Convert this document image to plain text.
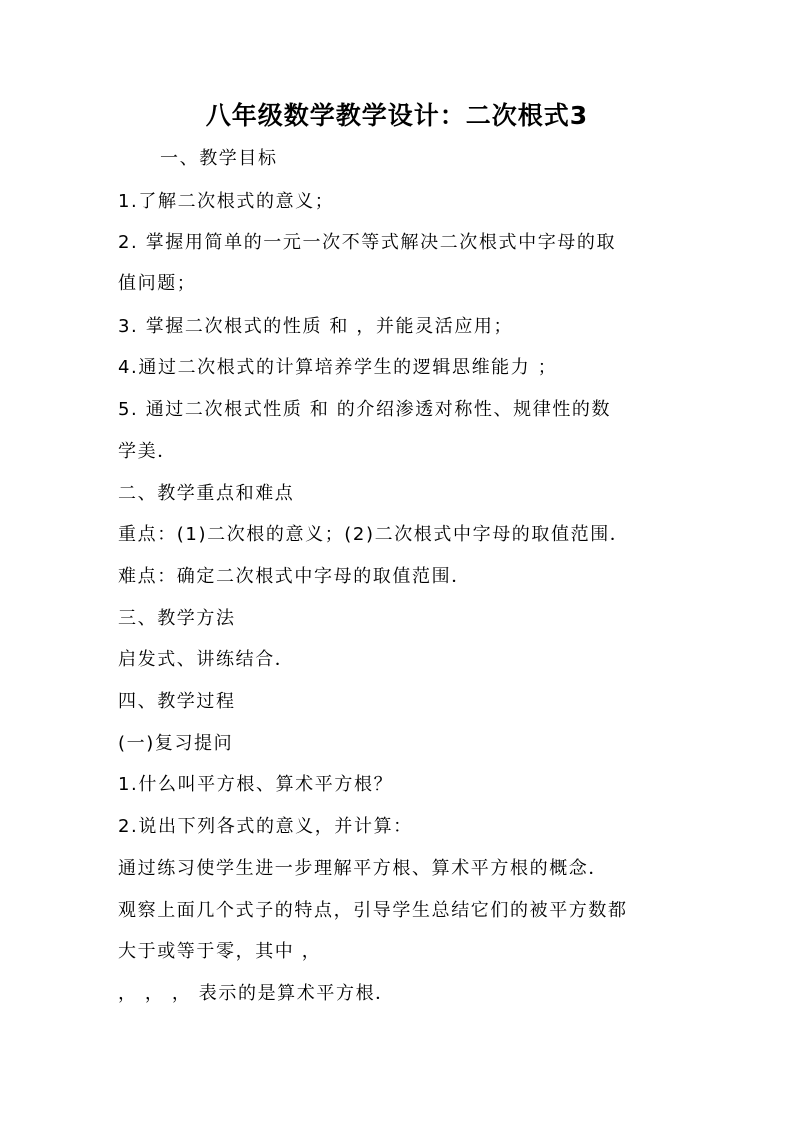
八年级数学教学设计：二次根式3
一、教学目标
1.了解二次根式的意义；
2. 掌握用简单的一元一次不等式解决二次根式中字母的取
值问题；
3. 掌握二次根式的性质 和 ，并能灵活应用；
4.通过二次根式的计算培养学生的逻辑思维能力 ；
5. 通过二次根式性质 和 的介绍渗透对称性、规律性的数
学美．
二、教学重点和难点
重点：(1)二次根的意义；(2)二次根式中字母的取值范围．
难点：确定二次根式中字母的取值范围．
三、教学方法
启发式、讲练结合．
四、教学过程
(一)复习提问
1.什么叫平方根、算术平方根？
2.说出下列各式的意义，并计算：
通过练习使学生进一步理解平方根、算术平方根的概念．
观察上面几个式子的特点，引导学生总结它们的被平方数都
大于或等于零，其中 ，
， ， ， 表示的是算术平方根．
